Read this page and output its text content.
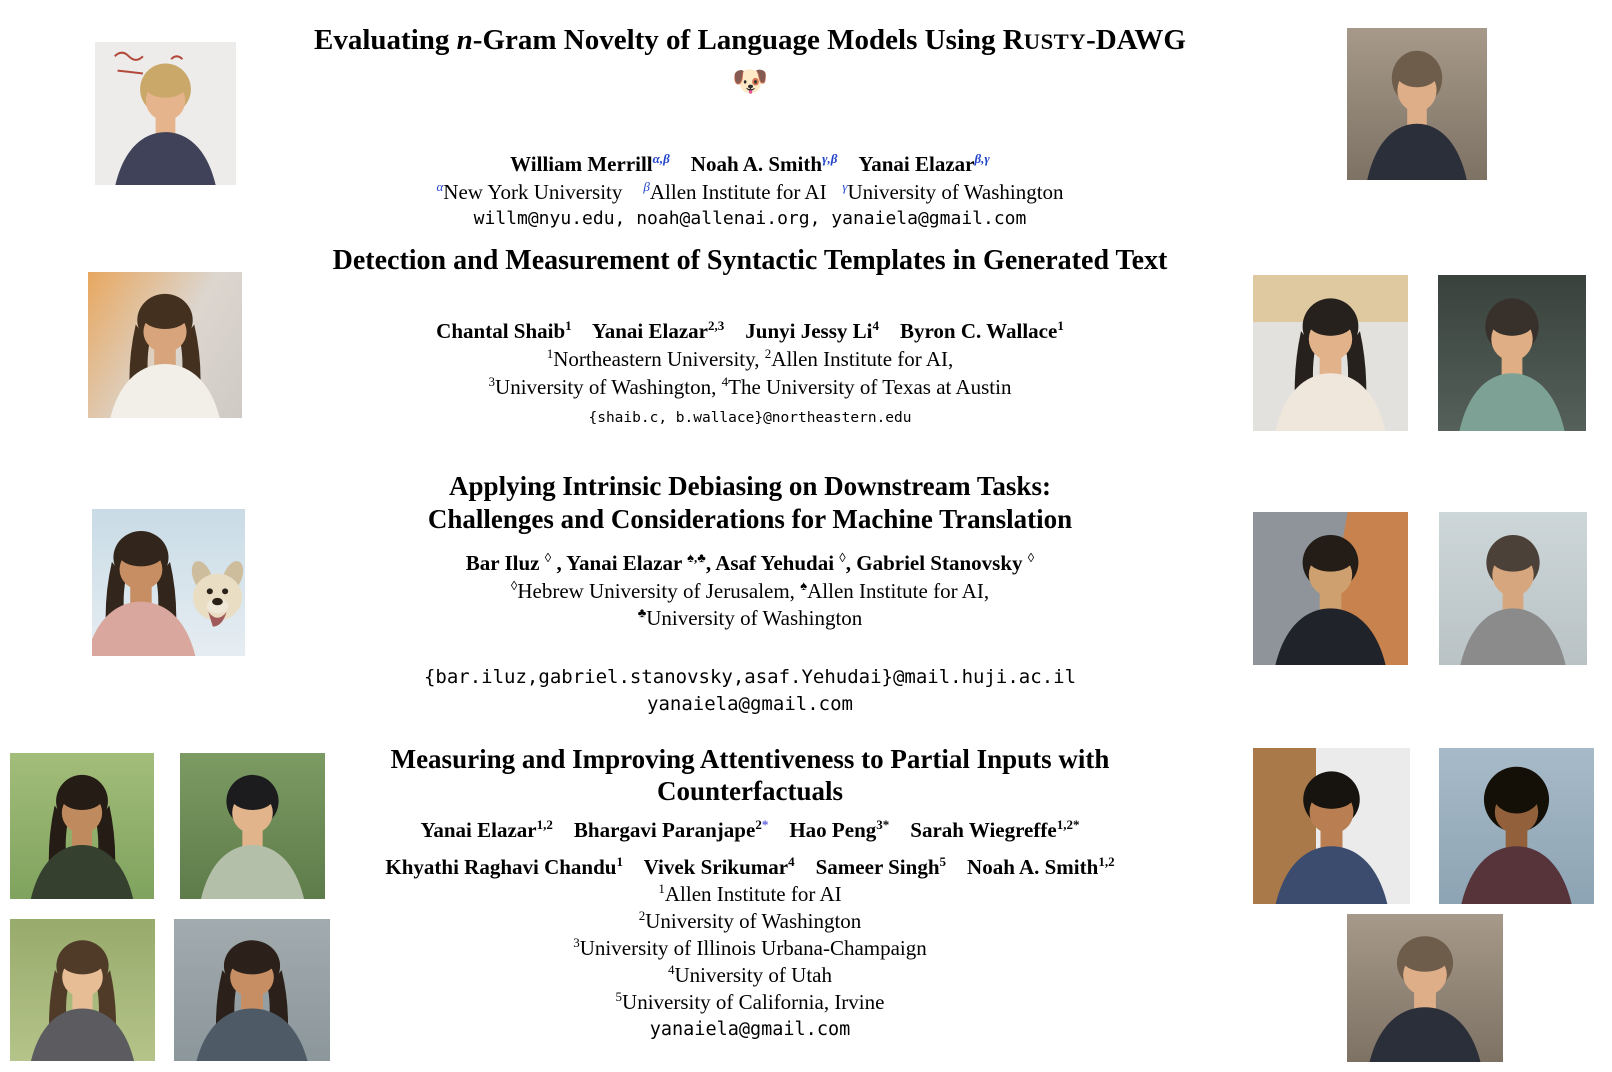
Evaluating n-Gram Novelty of Language Models Using RUSTY-DAWG 🐶
William Merrill$^{\alpha,\beta}$    Noah A. Smith$^{\gamma,\beta}$    Yanai Elazar$^{\beta,\gamma}$
$^\alpha$New York University    $^\beta$Allen Institute for AI   $^\gamma$University of Washington
willm@nyu.edu, noah@allenai.org, yanaiela@gmail.com
Detection and Measurement of Syntactic Templates in Generated Text
Chantal Shaib$^1$    Yanai Elazar$^{2,3}$    Junyi Jessy Li$^4$    Byron C. Wallace$^1$
$^1$Northeastern University, $^2$Allen Institute for AI,
$^3$University of Washington, $^4$The University of Texas at Austin
{shaib.c, b.wallace}@northeastern.edu
Applying Intrinsic Debiasing on Downstream Tasks:
Challenges and Considerations for Machine Translation
Bar Iluz ◊ , Yanai Elazar ♠,♣, Asaf Yehudai ◊, Gabriel Stanovsky ◊
◊Hebrew University of Jerusalem, ♠Allen Institute for AI,
♣University of Washington
{bar.iluz,gabriel.stanovsky,asaf.Yehudai}@mail.huji.ac.il
yanaiela@gmail.com
Measuring and Improving Attentiveness to Partial Inputs with
Counterfactuals
Yanai Elazar$^{1,2}$    Bhargavi Paranjape$^{2*}$    Hao Peng$^{3*}$    Sarah Wiegreffe$^{1,2*}$
Khyathi Raghavi Chandu$^1$    Vivek Srikumar$^4$    Sameer Singh$^5$    Noah A. Smith$^{1,2}$
$^1$Allen Institute for AI
$^2$University of Washington
$^3$University of Illinois Urbana-Champaign
$^4$University of Utah
$^5$University of California, Irvine
yanaiela@gmail.com
